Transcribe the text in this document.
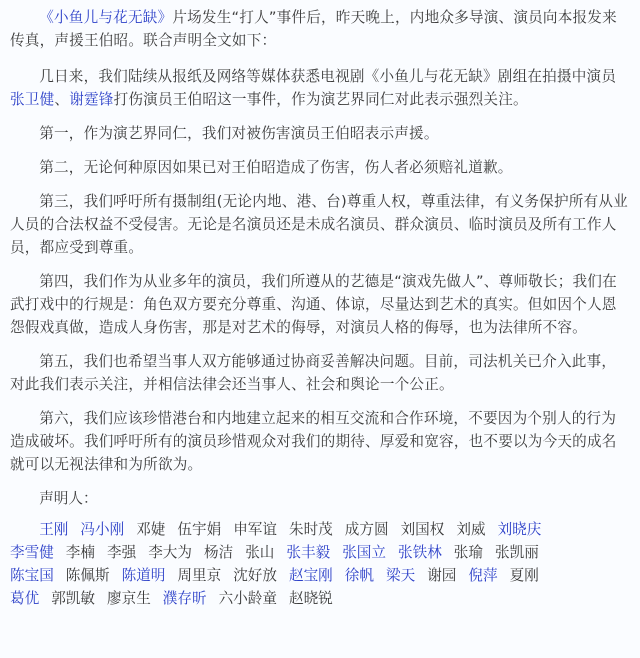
《小鱼儿与花无缺》片场发生“打人”事件后，昨天晚上，内地众多导演、演员向本报发来传真，声援王伯昭。联合声明全文如下：

几日来，我们陆续从报纸及网络等媒体获悉电视剧《小鱼儿与花无缺》剧组在拍摄中演员张卫健、谢霆锋打伤演员王伯昭这一事件，作为演艺界同仁对此表示强烈关注。

第一，作为演艺界同仁，我们对被伤害演员王伯昭表示声援。

第二，无论何种原因如果已对王伯昭造成了伤害，伤人者必须赔礼道歉。

第三，我们呼吁所有摄制组(无论内地、港、台)尊重人权，尊重法律，有义务保护所有从业人员的合法权益不受侵害。无论是名演员还是未成名演员、群众演员、临时演员及所有工作人员，都应受到尊重。

第四，我们作为从业多年的演员，我们所遵从的艺德是“演戏先做人”、尊师敬长；我们在武打戏中的行规是：角色双方要充分尊重、沟通、体谅，尽量达到艺术的真实。但如因个人恩怨假戏真做，造成人身伤害，那是对艺术的侮辱，对演员人格的侮辱，也为法律所不容。

第五，我们也希望当事人双方能够通过协商妥善解决问题。目前，司法机关已介入此事，对此我们表示关注，并相信法律会还当事人、社会和舆论一个公正。

第六，我们应该珍惜港台和内地建立起来的相互交流和合作环境，不要因为个别人的行为造成破坏。我们呼吁所有的演员珍惜观众对我们的期待、厚爱和宽容，也不要以为今天的成名就可以无视法律和为所欲为。

声明人：

王刚 冯小刚 邓婕 伍宇娟 申军谊 朱时茂 成方圆 刘国权 刘威 刘晓庆
李雪健 李楠 李强 李大为 杨洁 张山 张丰毅 张国立 张铁林 张瑜 张凯丽
陈宝国 陈佩斯 陈道明 周里京 沈好放 赵宝刚 徐帆 梁天 谢园 倪萍 夏刚
葛优 郭凯敏 廖京生 濮存昕 六小龄童 赵晓锐
